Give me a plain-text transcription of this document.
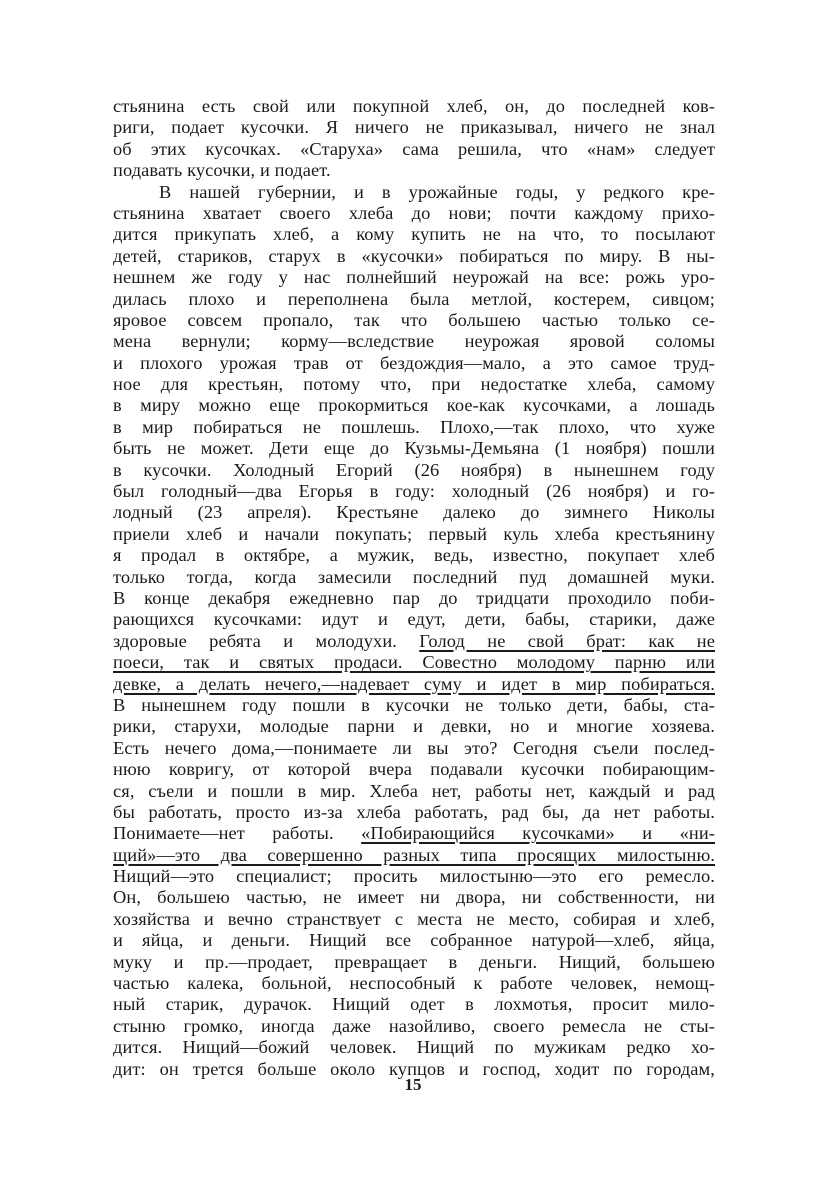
стьянина есть свой или покупной хлеб, он, до последней ков-
риги, подает кусочки. Я ничего не приказывал, ничего не знал
об этих кусочках. «Старуха» сама решила, что «нам» следует
подавать кусочки, и подает.
В нашей губернии, и в урожайные годы, у редкого кре-
стьянина хватает своего хлеба до нови; почти каждому прихо-
дится прикупать хлеб, а кому купить не на что, то посылают
детей, стариков, старух в «кусочки» побираться по миру. В ны-
нешнем же году у нас полнейший неурожай на все: рожь уро-
дилась плохо и переполнена была метлой, костерем, сивцом;
яровое совсем пропало, так что большею частью только се-
мена вернули; корму—вследствие неурожая яровой соломы
и плохого урожая трав от бездождия—мало, а это самое труд-
ное для крестьян, потому что, при недостатке хлеба, самому
в миру можно еще прокормиться кое-как кусочками, а лошадь
в мир побираться не пошлешь. Плохо,—так плохо, что хуже
быть не может. Дети еще до Кузьмы-Демьяна (1 ноября) пошли
в кусочки. Холодный Егорий (26 ноября) в нынешнем году
был голодный—два Егорья в году: холодный (26 ноября) и го-
лодный (23 апреля). Крестьяне далеко до зимнего Николы
приели хлеб и начали покупать; первый куль хлеба крестьянину
я продал в октябре, а мужик, ведь, известно, покупает хлеб
только тогда, когда замесили последний пуд домашней муки.
В конце декабря ежедневно пар до тридцати проходило поби-
рающихся кусочками: идут и едут, дети, бабы, старики, даже
здоровые ребята и молодухи. Голод не свой брат: как не
поеси, так и святых продаси. Совестно молодому парню или
девке, а делать нечего,—надевает суму и идет в мир побираться.
В нынешнем году пошли в кусочки не только дети, бабы, ста-
рики, старухи, молодые парни и девки, но и многие хозяева.
Есть нечего дома,—понимаете ли вы это? Сегодня съели послед-
нюю ковригу, от которой вчера подавали кусочки побирающим-
ся, съели и пошли в мир. Хлеба нет, работы нет, каждый и рад
бы работать, просто из-за хлеба работать, рад бы, да нет работы.
Понимаете—нет работы. «Побирающийся кусочками» и «ни-
щий»—это два совершенно разных типа просящих милостыню.
Нищий—это специалист; просить милостыню—это его ремесло.
Он, большею частью, не имеет ни двора, ни собственности, ни
хозяйства и вечно странствует с места не место, собирая и хлеб,
и яйца, и деньги. Нищий все собранное натурой—хлеб, яйца,
муку и пр.—продает, превращает в деньги. Нищий, большею
частью калека, больной, неспособный к работе человек, немощ-
ный старик, дурачок. Нищий одет в лохмотья, просит мило-
стыню громко, иногда даже назойливо, своего ремесла не сты-
дится. Нищий—божий человек. Нищий по мужикам редко хо-
дит: он трется больше около купцов и господ, ходит по городам,
15
